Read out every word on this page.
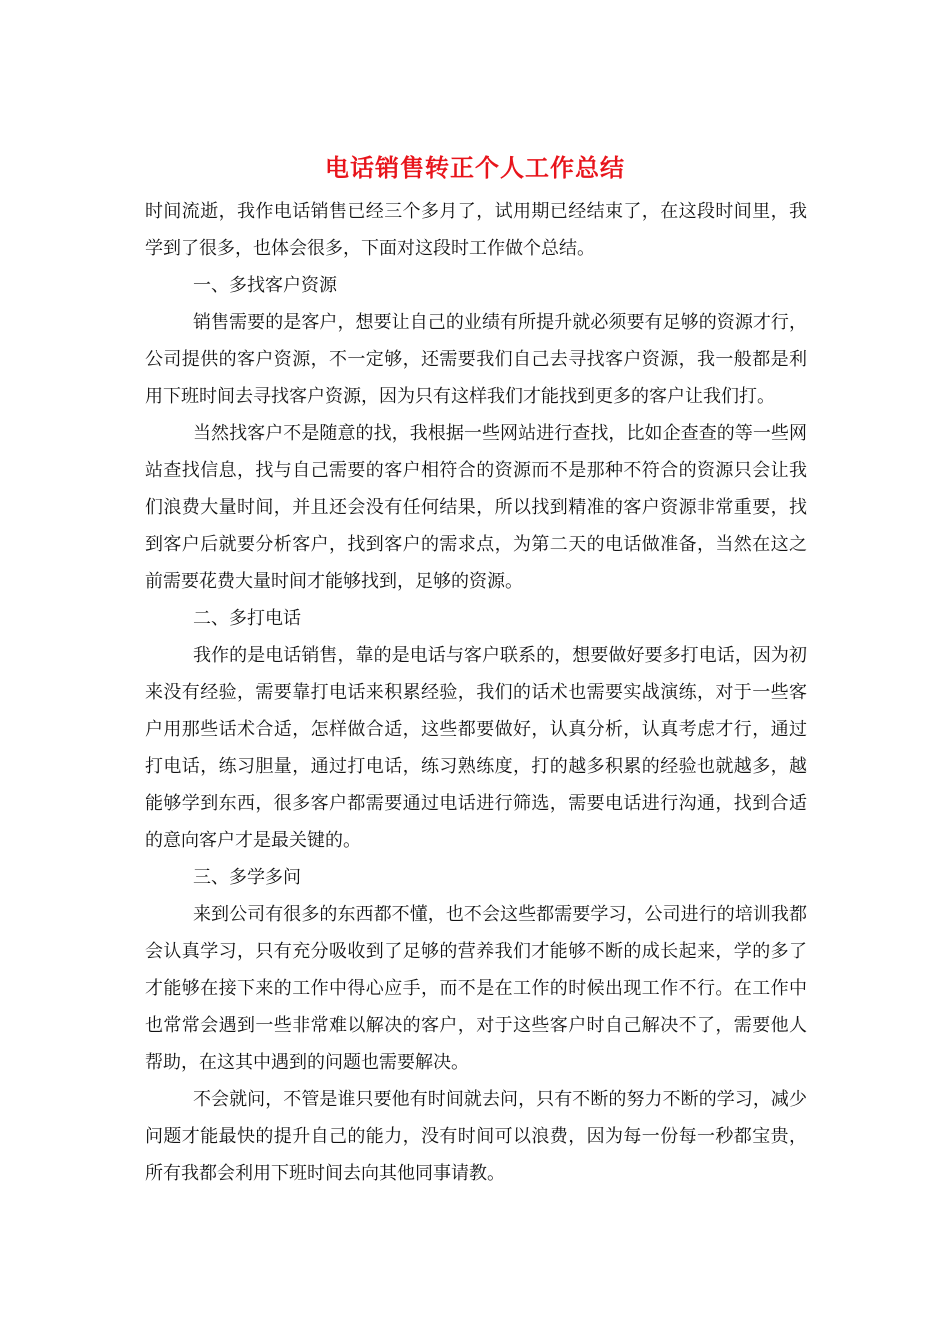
电话销售转正个人工作总结

时间流逝，我作电话销售已经三个多月了，试用期已经结束了，在这段时间里，我学到了很多，也体会很多，下面对这段时工作做个总结。

一、多找客户资源

销售需要的是客户，想要让自己的业绩有所提升就必须要有足够的资源才行，公司提供的客户资源，不一定够，还需要我们自己去寻找客户资源，我一般都是利用下班时间去寻找客户资源，因为只有这样我们才能找到更多的客户让我们打。

当然找客户不是随意的找，我根据一些网站进行查找，比如企查查的等一些网站查找信息，找与自己需要的客户相符合的资源而不是那种不符合的资源只会让我们浪费大量时间，并且还会没有任何结果，所以找到精准的客户资源非常重要，找到客户后就要分析客户，找到客户的需求点，为第二天的电话做准备，当然在这之前需要花费大量时间才能够找到，足够的资源。

二、多打电话

我作的是电话销售，靠的是电话与客户联系的，想要做好要多打电话，因为初来没有经验，需要靠打电话来积累经验，我们的话术也需要实战演练，对于一些客户用那些话术合适，怎样做合适，这些都要做好，认真分析，认真考虑才行，通过打电话，练习胆量，通过打电话，练习熟练度，打的越多积累的经验也就越多，越能够学到东西，很多客户都需要通过电话进行筛选，需要电话进行沟通，找到合适的意向客户才是最关键的。

三、多学多问

来到公司有很多的东西都不懂，也不会这些都需要学习，公司进行的培训我都会认真学习，只有充分吸收到了足够的营养我们才能够不断的成长起来，学的多了才能够在接下来的工作中得心应手，而不是在工作的时候出现工作不行。在工作中也常常会遇到一些非常难以解决的客户，对于这些客户时自己解决不了，需要他人帮助，在这其中遇到的问题也需要解决。

不会就问，不管是谁只要他有时间就去问，只有不断的努力不断的学习，减少问题才能最快的提升自己的能力，没有时间可以浪费，因为每一份每一秒都宝贵，所有我都会利用下班时间去向其他同事请教。
